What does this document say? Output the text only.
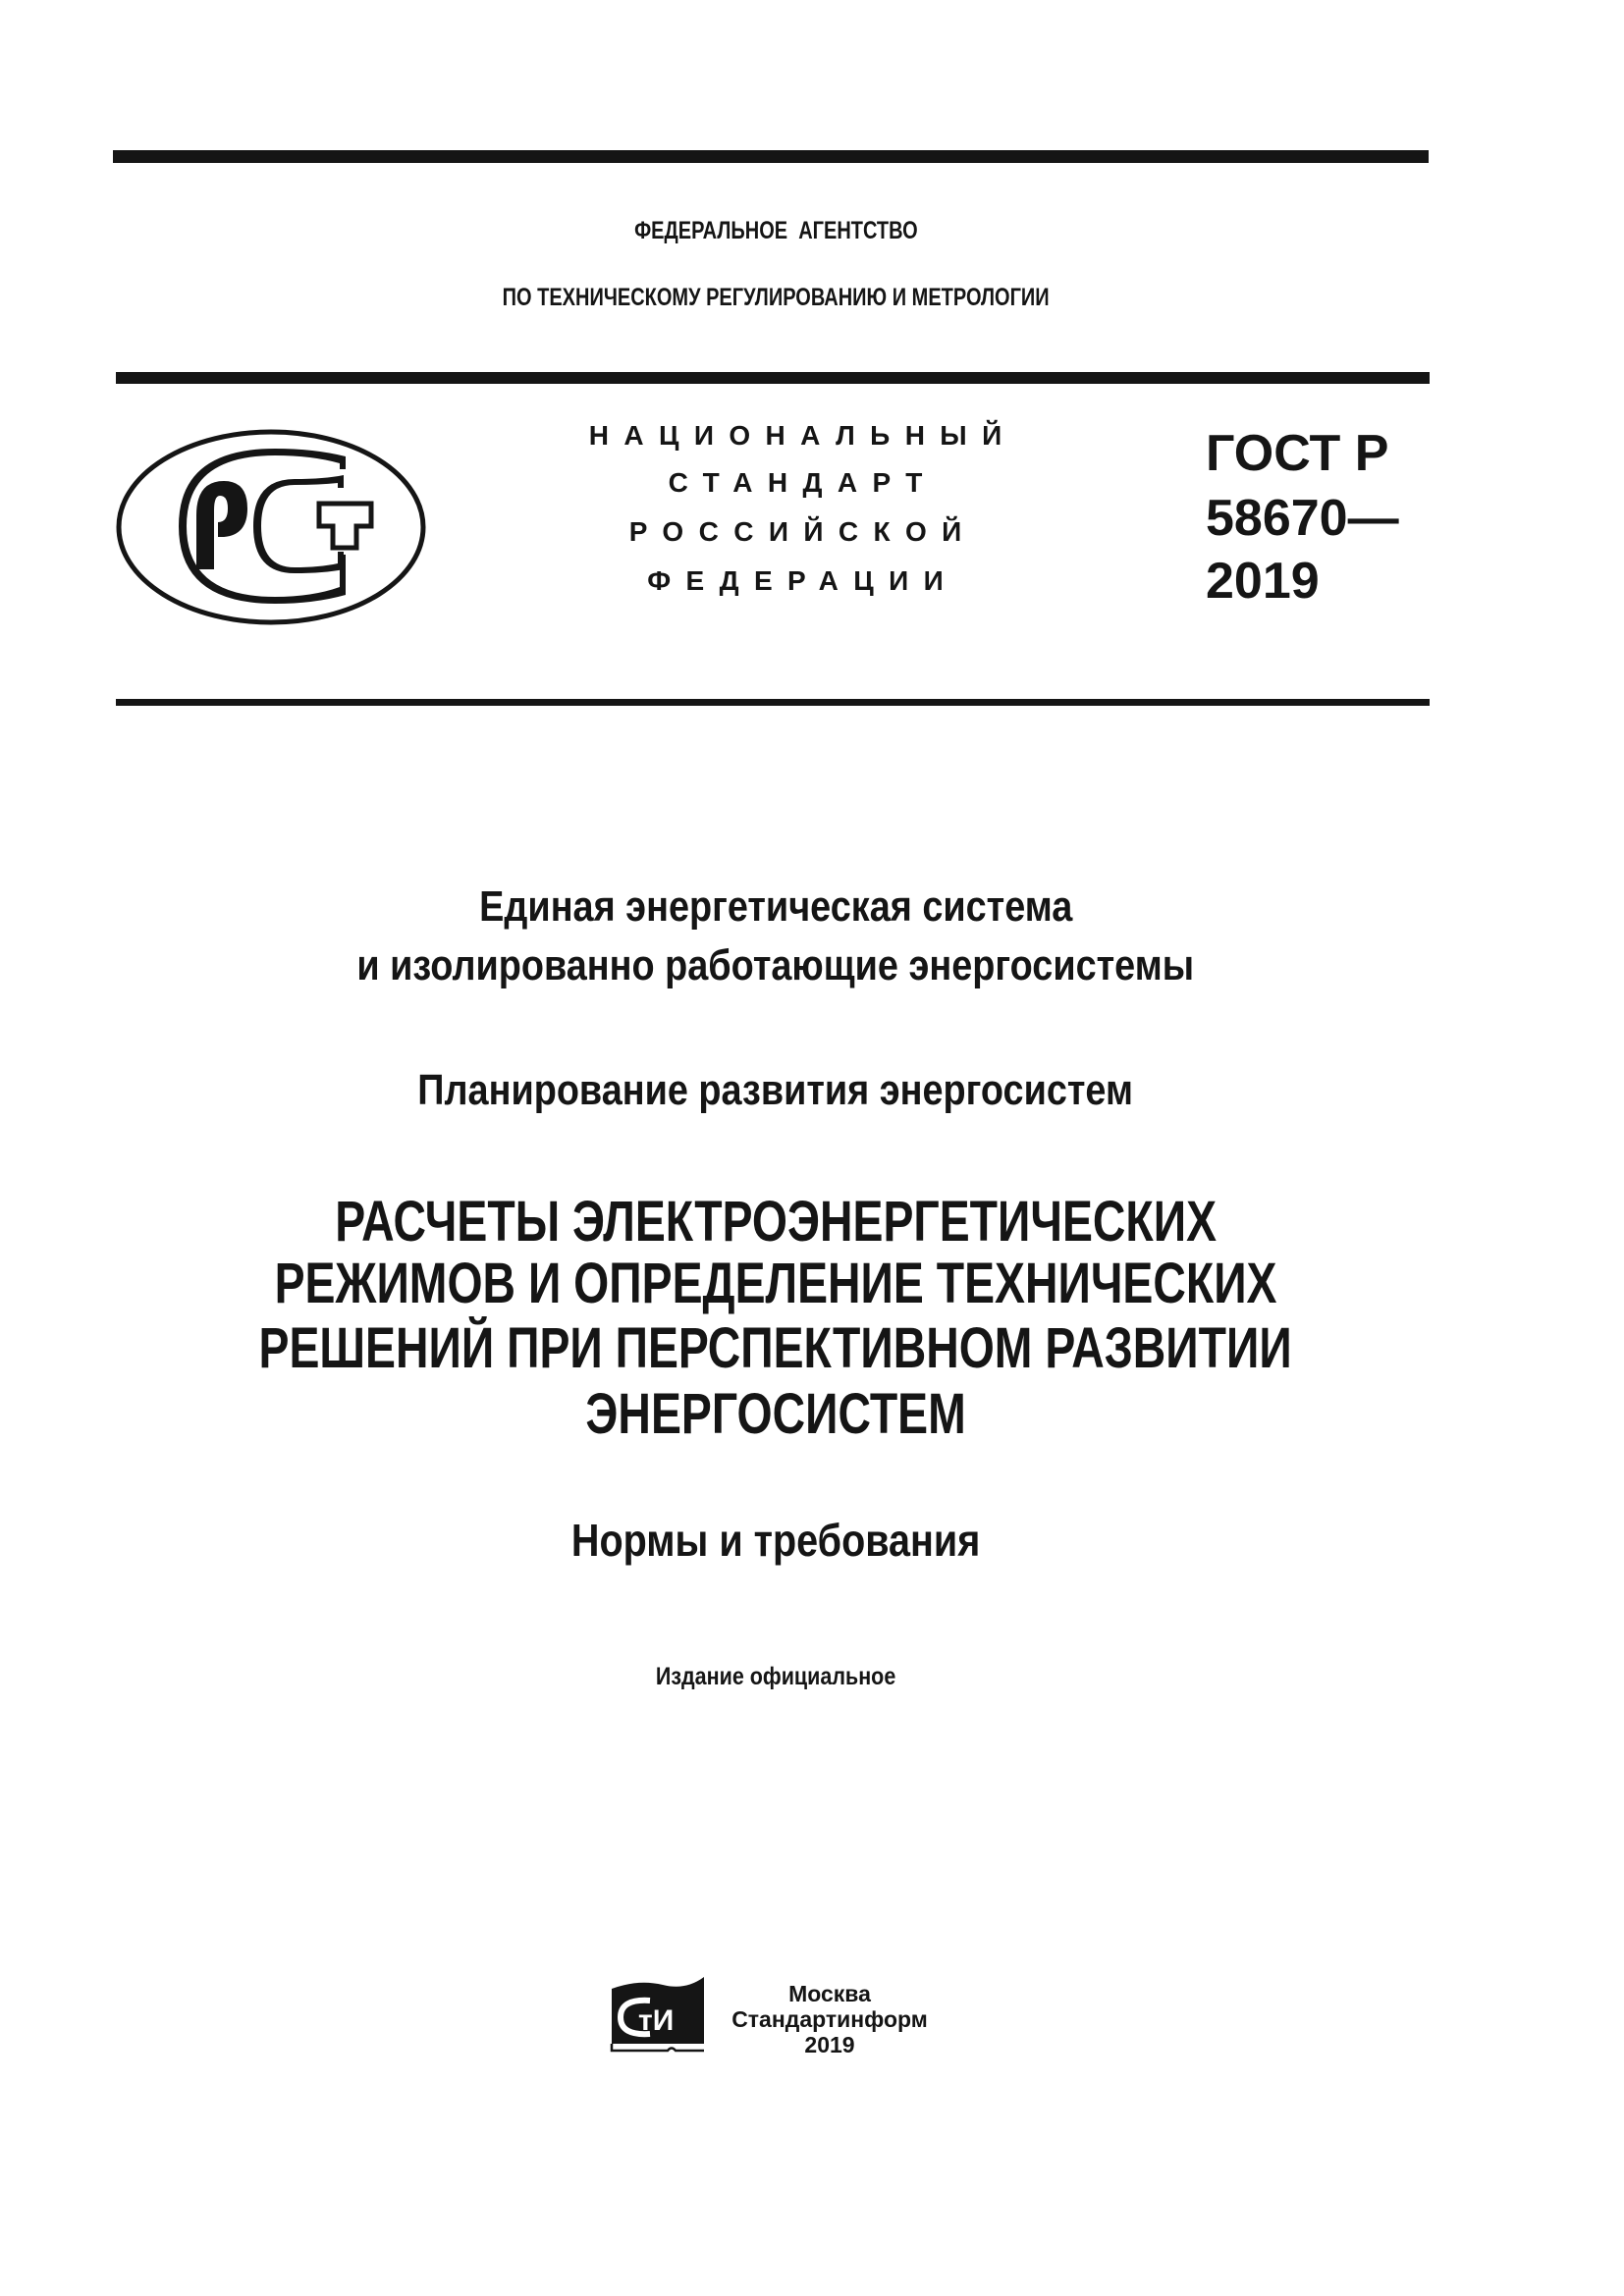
ФЕДЕРАЛЬНОЕ  АГЕНТСТВО
ПО ТЕХНИЧЕСКОМУ РЕГУЛИРОВАНИЮ И МЕТРОЛОГИИ
НАЦИОНАЛЬНЫЙ
СТАНДАРТ
РОССИЙСКОЙ
ФЕДЕРАЦИИ
ГОСТ Р
58670—
2019
Единая энергетическая система
и изолированно работающие энергосистемы
Планирование развития энергосистем
РАСЧЕТЫ ЭЛЕКТРОЭНЕРГЕТИЧЕСКИХ
РЕЖИМОВ И ОПРЕДЕЛЕНИЕ ТЕХНИЧЕСКИХ
РЕШЕНИЙ ПРИ ПЕРСПЕКТИВНОМ РАЗВИТИИ
ЭНЕРГОСИСТЕМ
Нормы и требования
Издание официальное
тИ
Москва
Стандартинформ
2019
